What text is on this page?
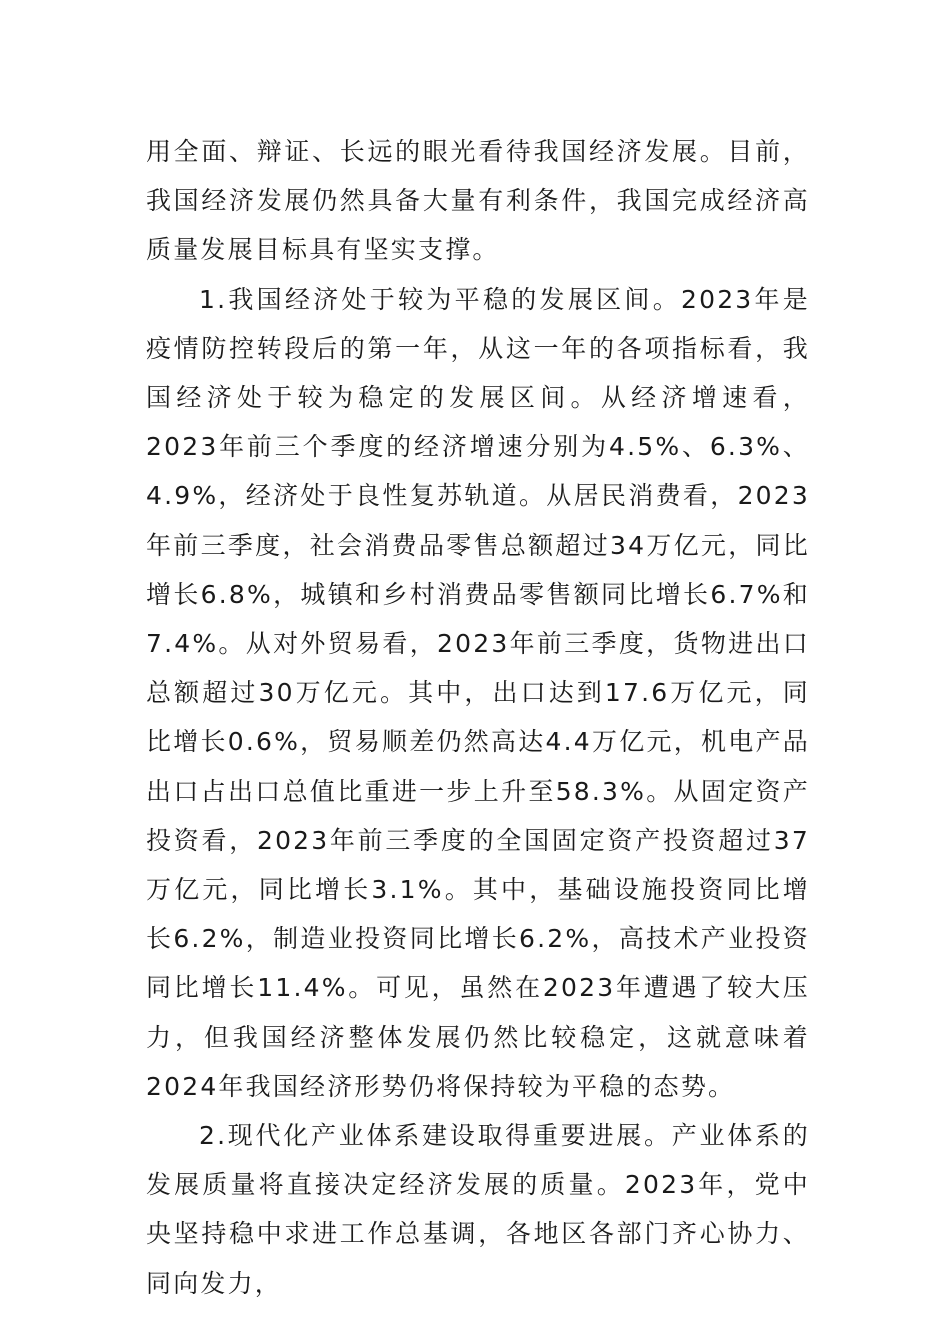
用全面、辩证、长远的眼光看待我国经济发展。目前，我国经济发展仍然具备大量有利条件，我国完成经济高质量发展目标具有坚实支撑。

1.我国经济处于较为平稳的发展区间。2023年是疫情防控转段后的第一年，从这一年的各项指标看，我国经济处于较为稳定的发展区间。从经济增速看，2023年前三个季度的经济增速分别为4.5%、6.3%、4.9%，经济处于良性复苏轨道。从居民消费看，2023年前三季度，社会消费品零售总额超过34万亿元，同比增长6.8%，城镇和乡村消费品零售额同比增长6.7%和7.4%。从对外贸易看，2023年前三季度，货物进出口总额超过30万亿元。其中，出口达到17.6万亿元，同比增长0.6%，贸易顺差仍然高达4.4万亿元，机电产品出口占出口总值比重进一步上升至58.3%。从固定资产投资看，2023年前三季度的全国固定资产投资超过37万亿元，同比增长3.1%。其中，基础设施投资同比增长6.2%，制造业投资同比增长6.2%，高技术产业投资同比增长11.4%。可见，虽然在2023年遭遇了较大压力，但我国经济整体发展仍然比较稳定，这就意味着2024年我国经济形势仍将保持较为平稳的态势。

2.现代化产业体系建设取得重要进展。产业体系的发展质量将直接决定经济发展的质量。2023年，党中央坚持稳中求进工作总基调，各地区各部门齐心协力、同向发力，
